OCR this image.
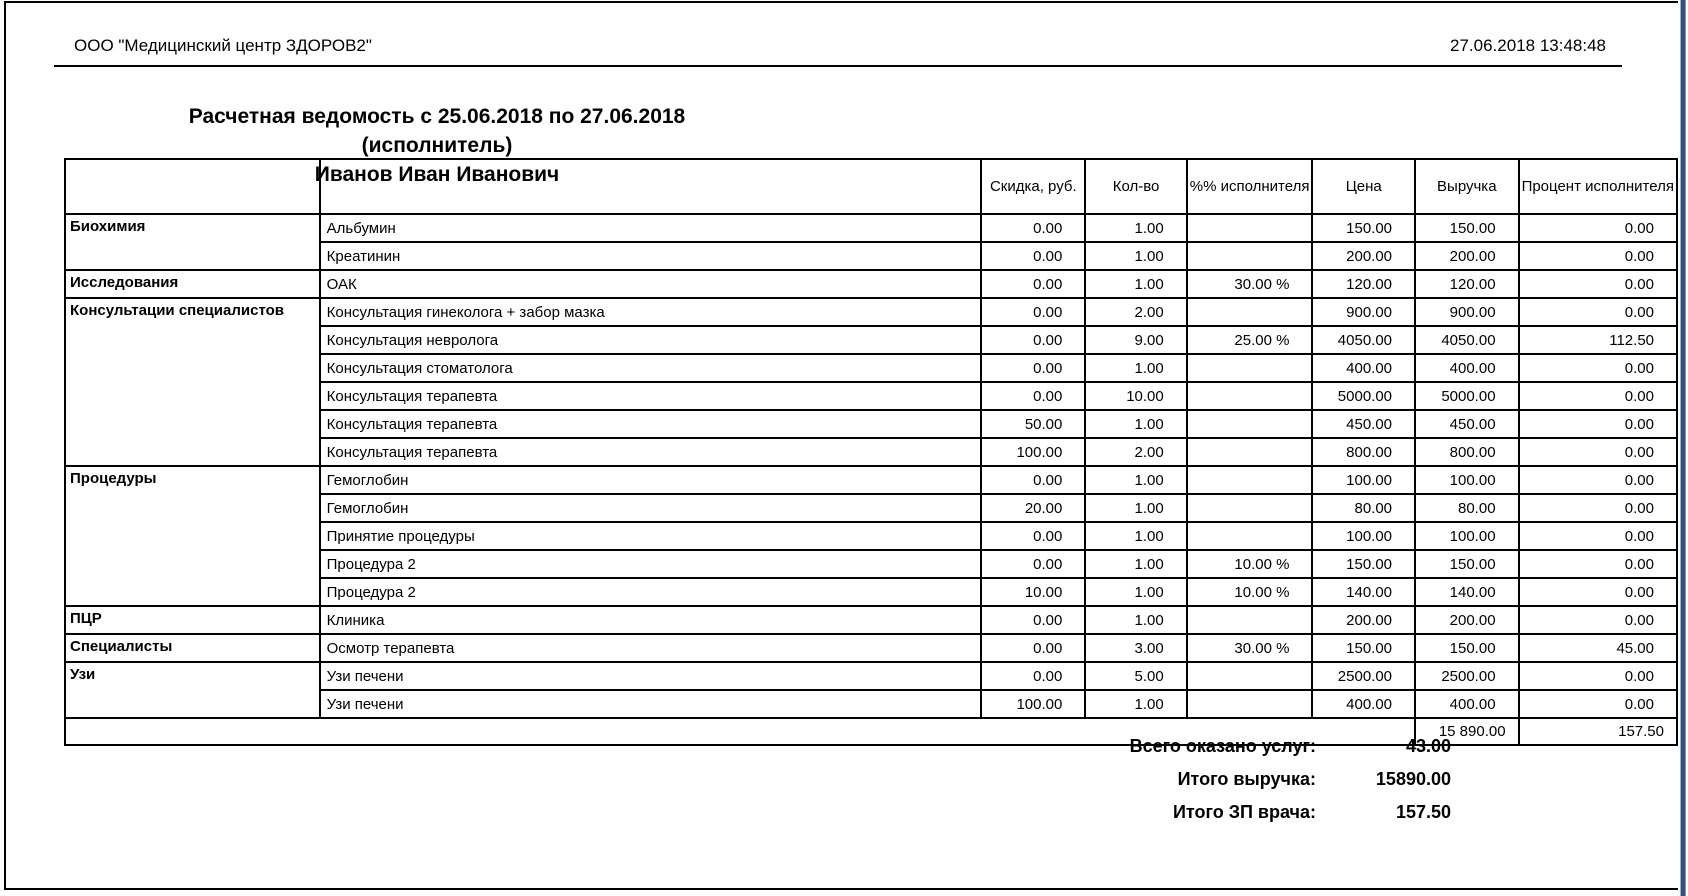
ООО "Медицинский центр ЗДОРОВ2"	27.06.2018 13:48:48
Расчетная ведомость с 25.06.2018 по 27.06.2018
(исполнитель)
Иванов Иван Иванович
		Скидка, руб.	Кол-во	%% исполнителя	Цена	Выручка	Процент исполнителя
Биохимия	Альбумин	0.00	1.00		150.00	150.00	0.00
	Креатинин	0.00	1.00		200.00	200.00	0.00
Исследования	ОАК	0.00	1.00	30.00 %	120.00	120.00	0.00
Консультации специалистов	Консультация гинеколога + забор мазка	0.00	2.00		900.00	900.00	0.00
	Консультация невролога	0.00	9.00	25.00 %	4050.00	4050.00	112.50
	Консультация стоматолога	0.00	1.00		400.00	400.00	0.00
	Консультация терапевта	0.00	10.00		5000.00	5000.00	0.00
	Консультация терапевта	50.00	1.00		450.00	450.00	0.00
	Консультация терапевта	100.00	2.00		800.00	800.00	0.00
Процедуры	Гемоглобин	0.00	1.00		100.00	100.00	0.00
	Гемоглобин	20.00	1.00		80.00	80.00	0.00
	Принятие процедуры	0.00	1.00		100.00	100.00	0.00
	Процедура 2	0.00	1.00	10.00 %	150.00	150.00	0.00
	Процедура 2	10.00	1.00	10.00 %	140.00	140.00	0.00
ПЦР	Клиника	0.00	1.00		200.00	200.00	0.00
Специалисты	Осмотр терапевта	0.00	3.00	30.00 %	150.00	150.00	45.00
Узи	Узи печени	0.00	5.00		2500.00	2500.00	0.00
	Узи печени	100.00	1.00		400.00	400.00	0.00
						15 890.00	157.50
Всего оказано услуг:	43.00
Итого выручка:	15890.00
Итого ЗП врача:	157.50
